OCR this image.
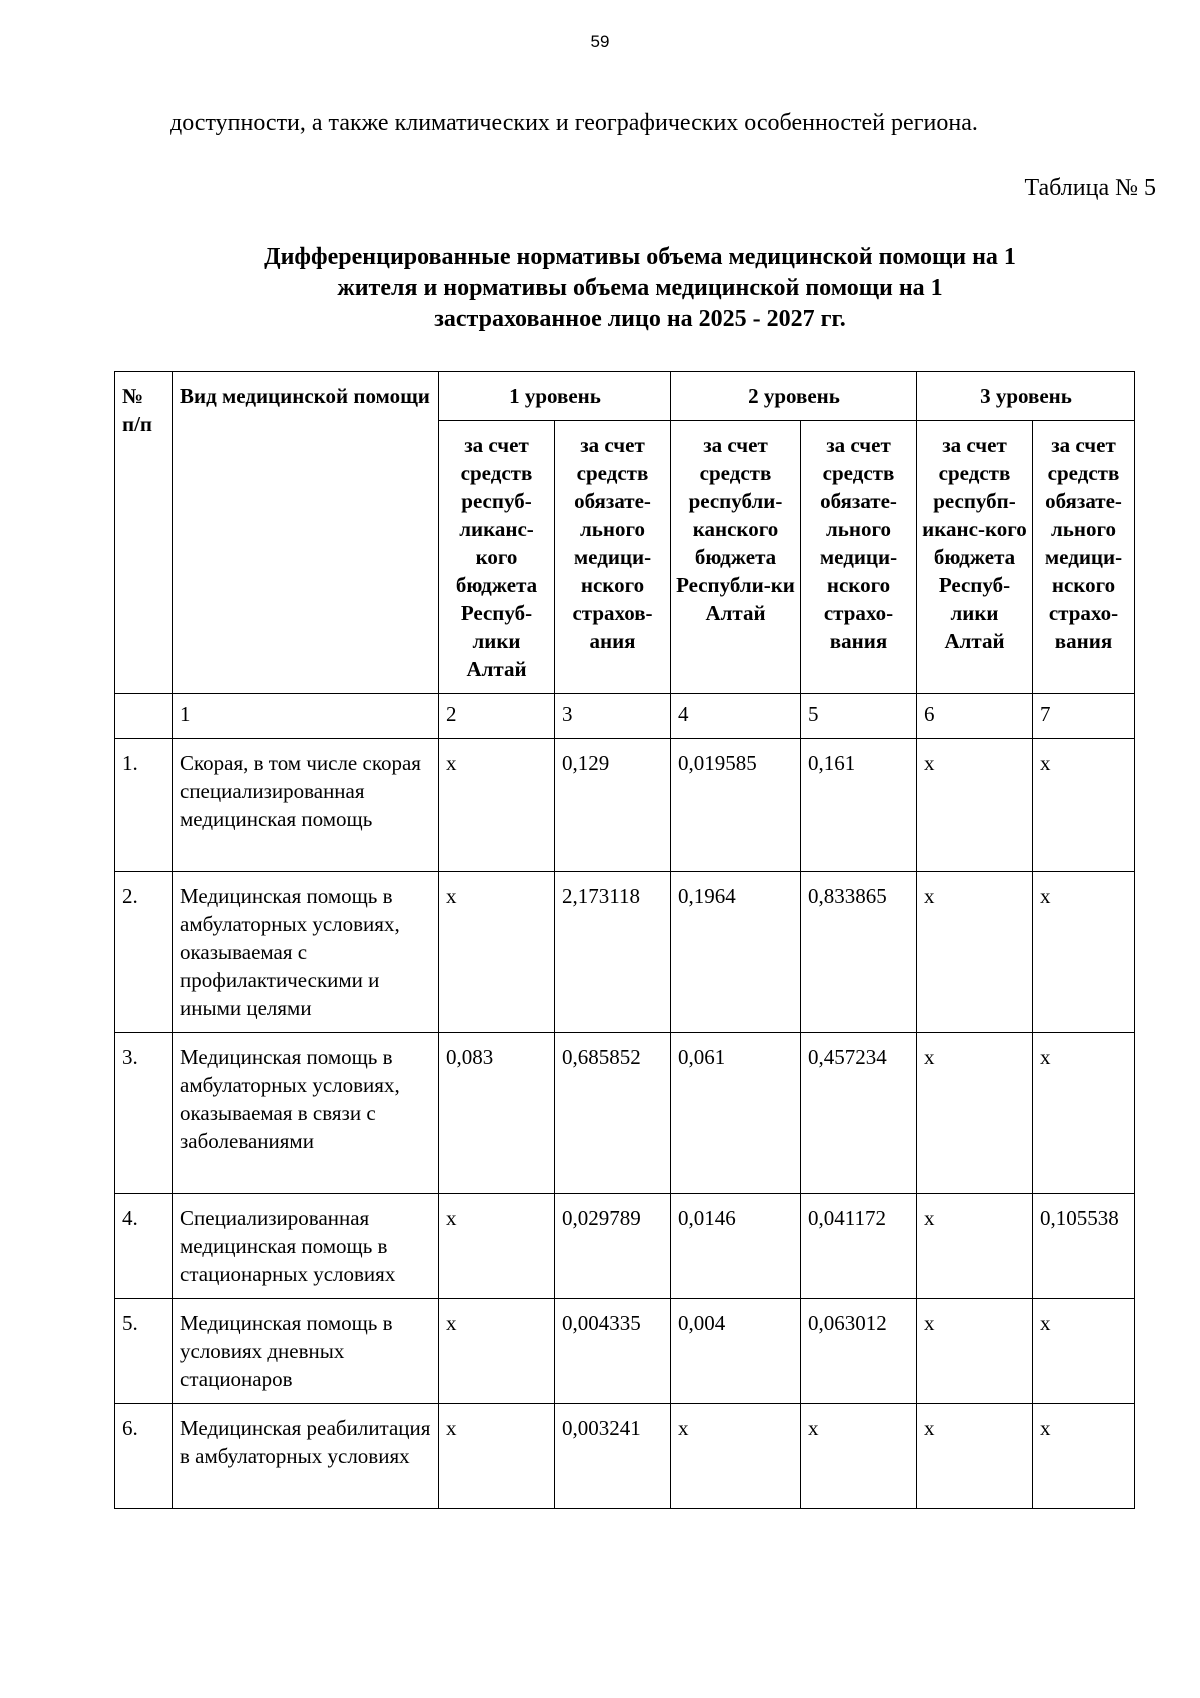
59
доступности, а также климатических и географических особенностей региона.
Таблица № 5
Дифференцированные нормативы объема медицинской помощи на 1
жителя и нормативы объема медицинской помощи на 1
застрахованное лицо на 2025 - 2027 гг.
№ п/п	Вид медицинской помощи	1 уровень		2 уровень		3 уровень	
		за счет средств респуб-ликанс-кого бюджета Респуб-лики Алтай	за счет средств обязате-льного медици-нского страхов-ания	за счет средств республи-канского бюджета Республи-ки Алтай	за счет средств обязате-льного медици-нского страхо-вания	за счет средств респубп-иканс-кого бюджета Респуб-лики Алтай	за счет средств обязате-льного медици-нского страхо-вания
	1	2	3	4	5	6	7
1.	Скорая, в том числе скорая специализированная медицинская помощь	х	0,129	0,019585	0,161	х	х
2.	Медицинская помощь в амбулаторных условиях, оказываемая с профилактическими и иными целями	х	2,173118	0,1964	0,833865	х	х
3.	Медицинская помощь в амбулаторных условиях, оказываемая в связи с заболеваниями	0,083	0,685852	0,061	0,457234	х	х
4.	Специализированная медицинская помощь в стационарных условиях	х	0,029789	0,0146	0,041172	х	0,105538
5.	Медицинская помощь в условиях дневных стационаров	х	0,004335	0,004	0,063012	х	х
6.	Медицинская реабилитация в амбулаторных условиях	х	0,003241	х	х	х	х
